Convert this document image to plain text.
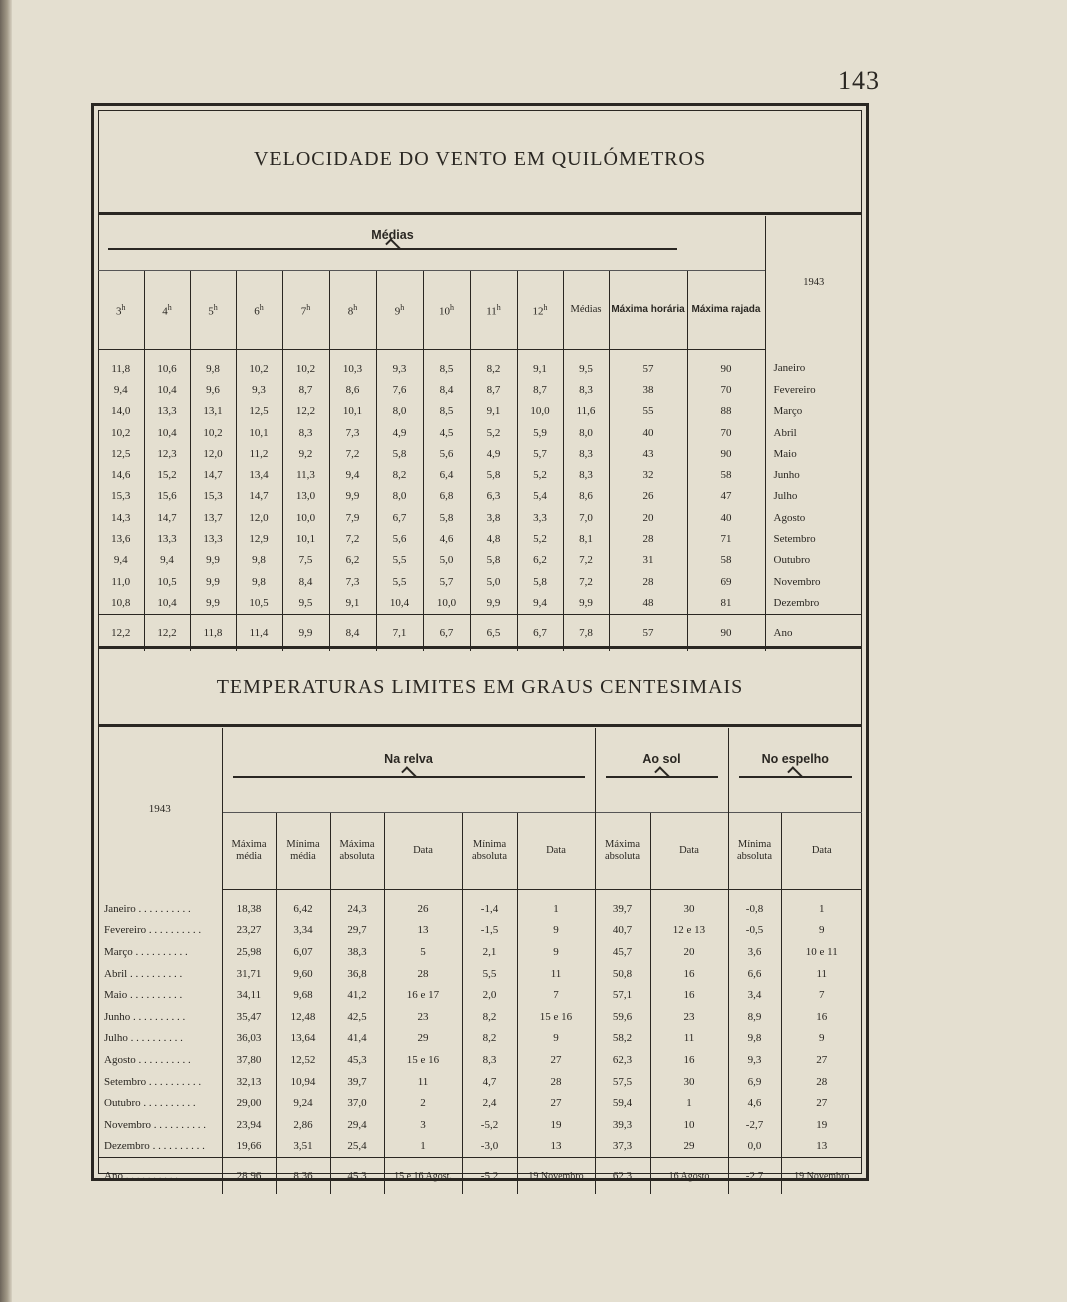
143
VELOCIDADE DO VENTO EM QUILÓMETROS
Médias													1943
3$^h$	4$^h$	5$^h$	6$^h$	7$^h$	8$^h$	9$^h$	10$^h$	11$^h$	12$^h$	Médias	Máxima horária	Máxima rajada	
11,8	10,6	9,8	10,2	10,2	10,3	9,3	8,5	8,2	9,1	9,5	57	90	Janeiro
9,4	10,4	9,6	9,3	8,7	8,6	7,6	8,4	8,7	8,7	8,3	38	70	Fevereiro
14,0	13,3	13,1	12,5	12,2	10,1	8,0	8,5	9,1	10,0	11,6	55	88	Março
10,2	10,4	10,2	10,1	8,3	7,3	4,9	4,5	5,2	5,9	8,0	40	70	Abril
12,5	12,3	12,0	11,2	9,2	7,2	5,8	5,6	4,9	5,7	8,3	43	90	Maio
14,6	15,2	14,7	13,4	11,3	9,4	8,2	6,4	5,8	5,2	8,3	32	58	Junho
15,3	15,6	15,3	14,7	13,0	9,9	8,0	6,8	6,3	5,4	8,6	26	47	Julho
14,3	14,7	13,7	12,0	10,0	7,9	6,7	5,8	3,8	3,3	7,0	20	40	Agosto
13,6	13,3	13,3	12,9	10,1	7,2	5,6	4,6	4,8	5,2	8,1	28	71	Setembro
9,4	9,4	9,9	9,8	7,5	6,2	5,5	5,0	5,8	6,2	7,2	31	58	Outubro
11,0	10,5	9,9	9,8	8,4	7,3	5,5	5,7	5,0	5,8	7,2	28	69	Novembro
10,8	10,4	9,9	10,5	9,5	9,1	10,4	10,0	9,9	9,4	9,9	48	81	Dezembro
12,2	12,2	11,8	11,4	9,9	8,4	7,1	6,7	6,5	6,7	7,8	57	90	Ano
TEMPERATURAS LIMITES EM GRAUS CENTESIMAIS
1943	Na relva						Ao sol		No espelho	

	Máxima média	Mínima média	Máxima absoluta	Data	Mínima absoluta	Data	Máxima absoluta	Data	Mínima absoluta	Data
Janeiro . . .	18,38	6,42	24,3	26	-1,4	1	39,7	30	-0,8	1
Fevereiro . . .	23,27	3,34	29,7	13	-1,5	9	40,7	12 e 13	-0,5	9
Março . . .	25,98	6,07	38,3	5	2,1	9	45,7	20	3,6	10 e 11
Abril . . .	31,71	9,60	36,8	28	5,5	11	50,8	16	6,6	11
Maio . . .	34,11	9,68	41,2	16 e 17	2,0	7	57,1	16	3,4	7
Junho . . .	35,47	12,48	42,5	23	8,2	15 e 16	59,6	23	8,9	16
Julho . . .	36,03	13,64	41,4	29	8,2	9	58,2	11	9,8	9
Agosto . . .	37,80	12,52	45,3	15 e 16	8,3	27	62,3	16	9,3	27
Setembro . . .	32,13	10,94	39,7	11	4,7	28	57,5	30	6,9	28
Outubro . . .	29,00	9,24	37,0	2	2,4	27	59,4	1	4,6	27
Novembro . . .	23,94	2,86	29,4	3	-5,2	19	39,3	10	-2,7	19
Dezembro . . .	19,66	3,51	25,4	1	-3,0	13	37,3	29	0,0	13
Ano . . .	28,96	8,36	45,3	15 e 16 Agost.	-5,2	19 Novembro	62,3	16 Agosto	-2,7	19 Novembro
